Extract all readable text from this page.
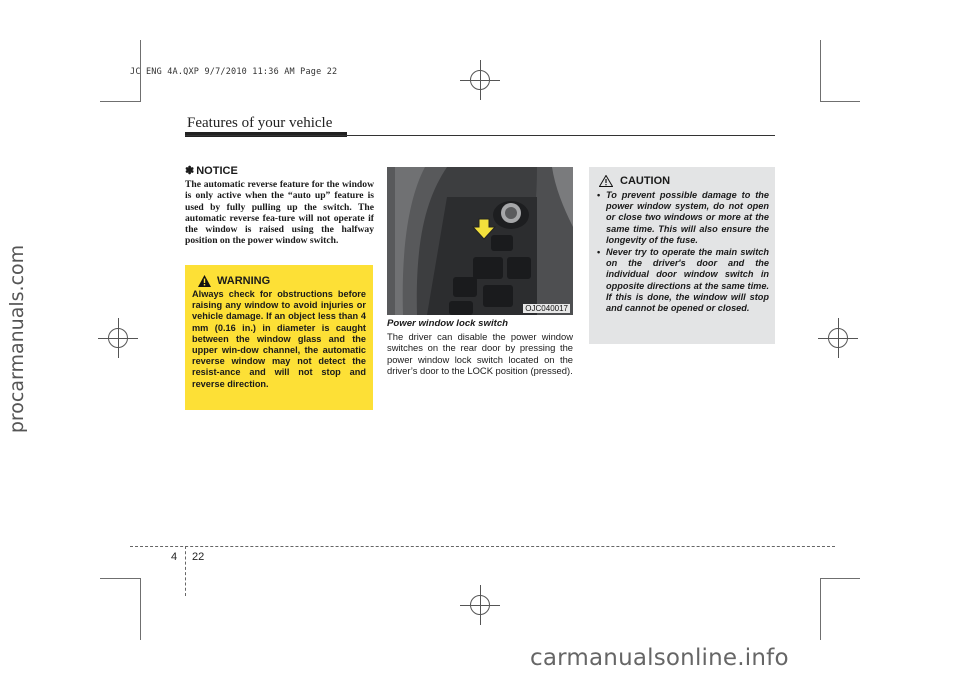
JC ENG 4A.QXP 9/7/2010 11:36 AM Page 22
procarmanuals.com
Features of your vehicle
✽ NOTICE
The automatic reverse feature for the window is only active when the “auto up” feature is used by fully pulling up the switch. The automatic reverse fea-ture will not operate if the window is raised using the halfway position on the power window switch.
WARNING
Always check for obstructions before raising any window to avoid injuries or vehicle damage. If an object less than 4 mm (0.16 in.) in diameter is caught between the window glass and the upper win-dow channel, the automatic reverse window may not detect the resist-ance and will not stop and reverse direction.
OJC040017
Power window lock switch
The driver can disable the power window switches on the rear door by pressing the power window lock switch located on the driver’s door to the LOCK position (pressed).
CAUTION
• To prevent possible damage to the power window system, do not open or close two windows or more at the same time. This will also ensure the longevity of the fuse.
• Never try to operate the main switch on the driver's door and the individual door window switch in opposite directions at the same time. If this is done, the window will stop and cannot be opened or closed.
4 22
carmanualsonline.info
